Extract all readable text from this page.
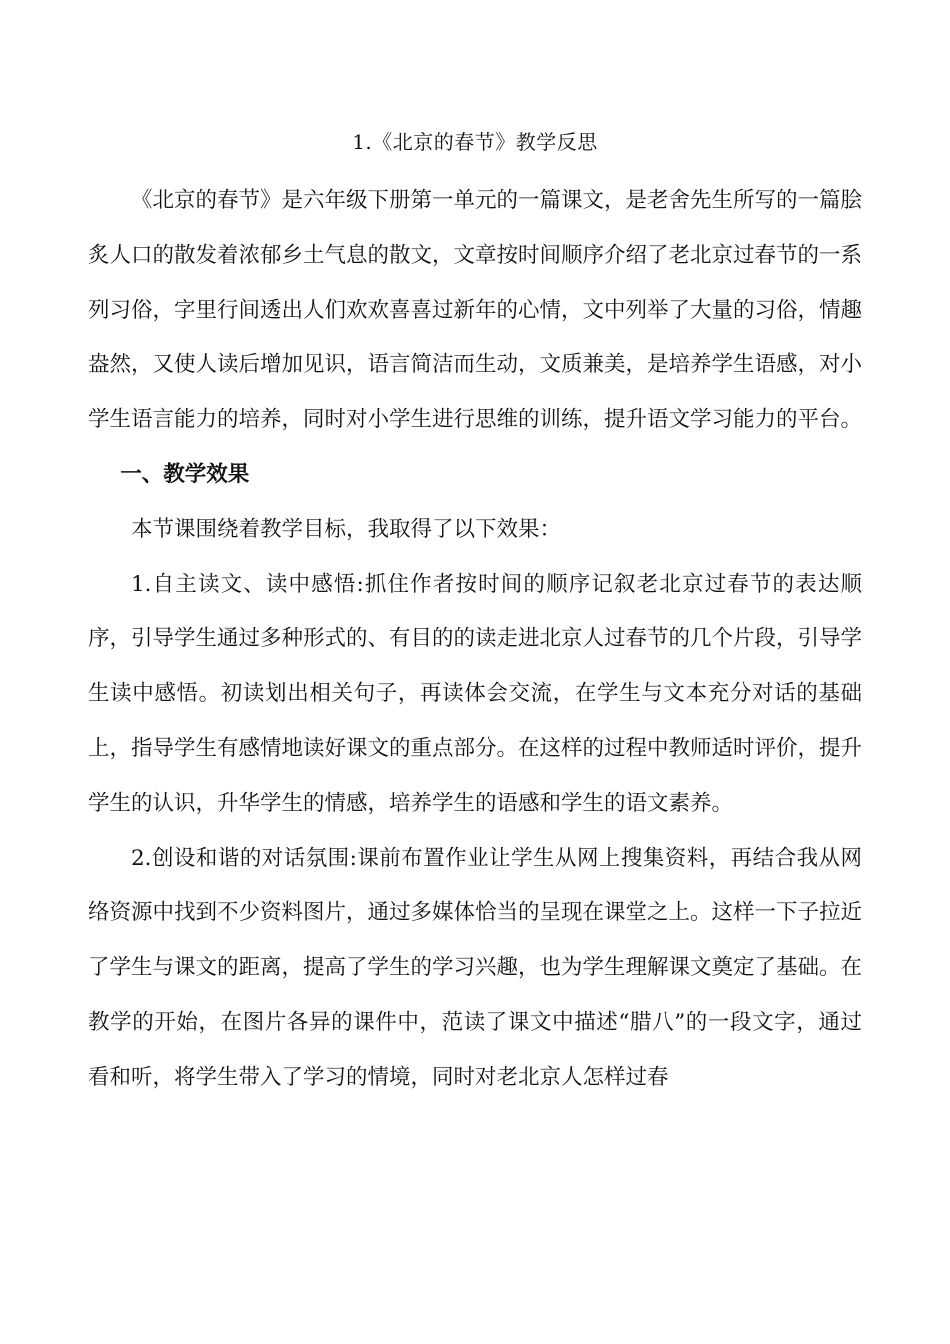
1.《北京的春节》教学反思

《北京的春节》是六年级下册第一单元的一篇课文，是老舍先生所写的一篇脍炙人口的散发着浓郁乡土气息的散文，文章按时间顺序介绍了老北京过春节的一系列习俗，字里行间透出人们欢欢喜喜过新年的心情，文中列举了大量的习俗，情趣盎然，又使人读后增加见识，语言简洁而生动，文质兼美，是培养学生语感，对小学生语言能力的培养，同时对小学生进行思维的训练，提升语文学习能力的平台。

一、教学效果

本节课围绕着教学目标，我取得了以下效果：

1.自主读文、读中感悟:抓住作者按时间的顺序记叙老北京过春节的表达顺序，引导学生通过多种形式的、有目的的读走进北京人过春节的几个片段，引导学生读中感悟。初读划出相关句子，再读体会交流，在学生与文本充分对话的基础上，指导学生有感情地读好课文的重点部分。在这样的过程中教师适时评价，提升学生的认识，升华学生的情感，培养学生的语感和学生的语文素养。

2.创设和谐的对话氛围:课前布置作业让学生从网上搜集资料，再结合我从网络资源中找到不少资料图片，通过多媒体恰当的呈现在课堂之上。这样一下子拉近了学生与课文的距离，提高了学生的学习兴趣，也为学生理解课文奠定了基础。在教学的开始，在图片各异的课件中，范读了课文中描述“腊八”的一段文字，通过看和听，将学生带入了学习的情境，同时对老北京人怎样过春
